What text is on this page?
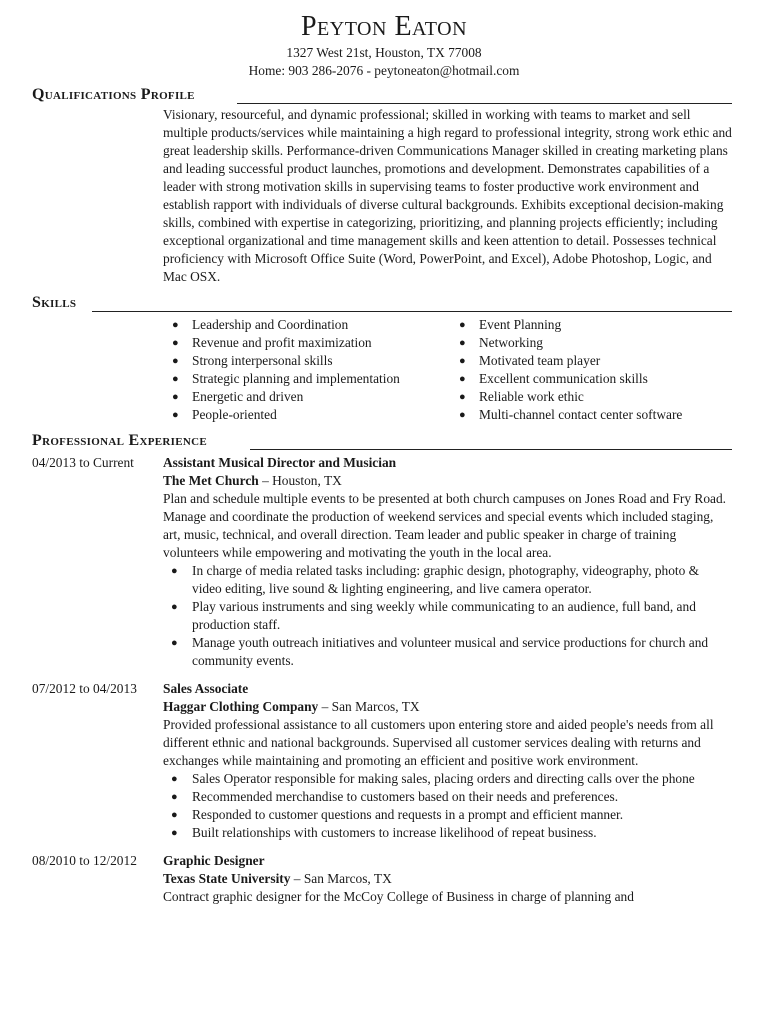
Peyton Eaton
1327 West 21st, Houston, TX 77008
Home: 903 286-2076 - peytoneaton@hotmail.com
Qualifications Profile
Visionary, resourceful, and dynamic professional; skilled in working with teams to market and sell multiple products/services while maintaining a high regard to professional integrity, strong work ethic and great leadership skills. Performance-driven Communications Manager skilled in creating marketing plans and leading successful product launches, promotions and development. Demonstrates capabilities of a leader with strong motivation skills in supervising teams to foster productive work environment and establish rapport with individuals of diverse cultural backgrounds. Exhibits exceptional decision-making skills, combined with expertise in categorizing, prioritizing, and planning projects efficiently; including exceptional organizational and time management skills and keen attention to detail. Possesses technical proficiency with Microsoft Office Suite (Word, PowerPoint, and Excel), Adobe Photoshop, Logic, and Mac OSX.
Skills
● Leadership and Coordination
● Revenue and profit maximization
● Strong interpersonal skills
● Strategic planning and implementation
● Energetic and driven
● People-oriented
● Event Planning
● Networking
● Motivated team player
● Excellent communication skills
● Reliable work ethic
● Multi-channel contact center software
Professional Experience
04/2013 to Current	Assistant Musical Director and Musician
The Met Church – Houston, TX
Plan and schedule multiple events to be presented at both church campuses on Jones Road and Fry Road. Manage and coordinate the production of weekend services and special events which included staging, art, music, technical, and overall direction. Team leader and public speaker in charge of training volunteers while empowering and motivating the youth in the local area.
● In charge of media related tasks including: graphic design, photography, videography, photo & video editing, live sound & lighting engineering, and live camera operator.
● Play various instruments and sing weekly while communicating to an audience, full band, and production staff.
● Manage youth outreach initiatives and volunteer musical and service productions for church and community events.
07/2012 to 04/2013	Sales Associate
Haggar Clothing Company – San Marcos, TX
Provided professional assistance to all customers upon entering store and aided people's needs from all different ethnic and national backgrounds. Supervised all customer services dealing with returns and exchanges while maintaining and promoting an efficient and positive work environment.
● Sales Operator responsible for making sales, placing orders and directing calls over the phone
● Recommended merchandise to customers based on their needs and preferences.
● Responded to customer questions and requests in a prompt and efficient manner.
● Built relationships with customers to increase likelihood of repeat business.
08/2010 to 12/2012	Graphic Designer
Texas State University – San Marcos, TX
Contract graphic designer for the McCoy College of Business in charge of planning and
